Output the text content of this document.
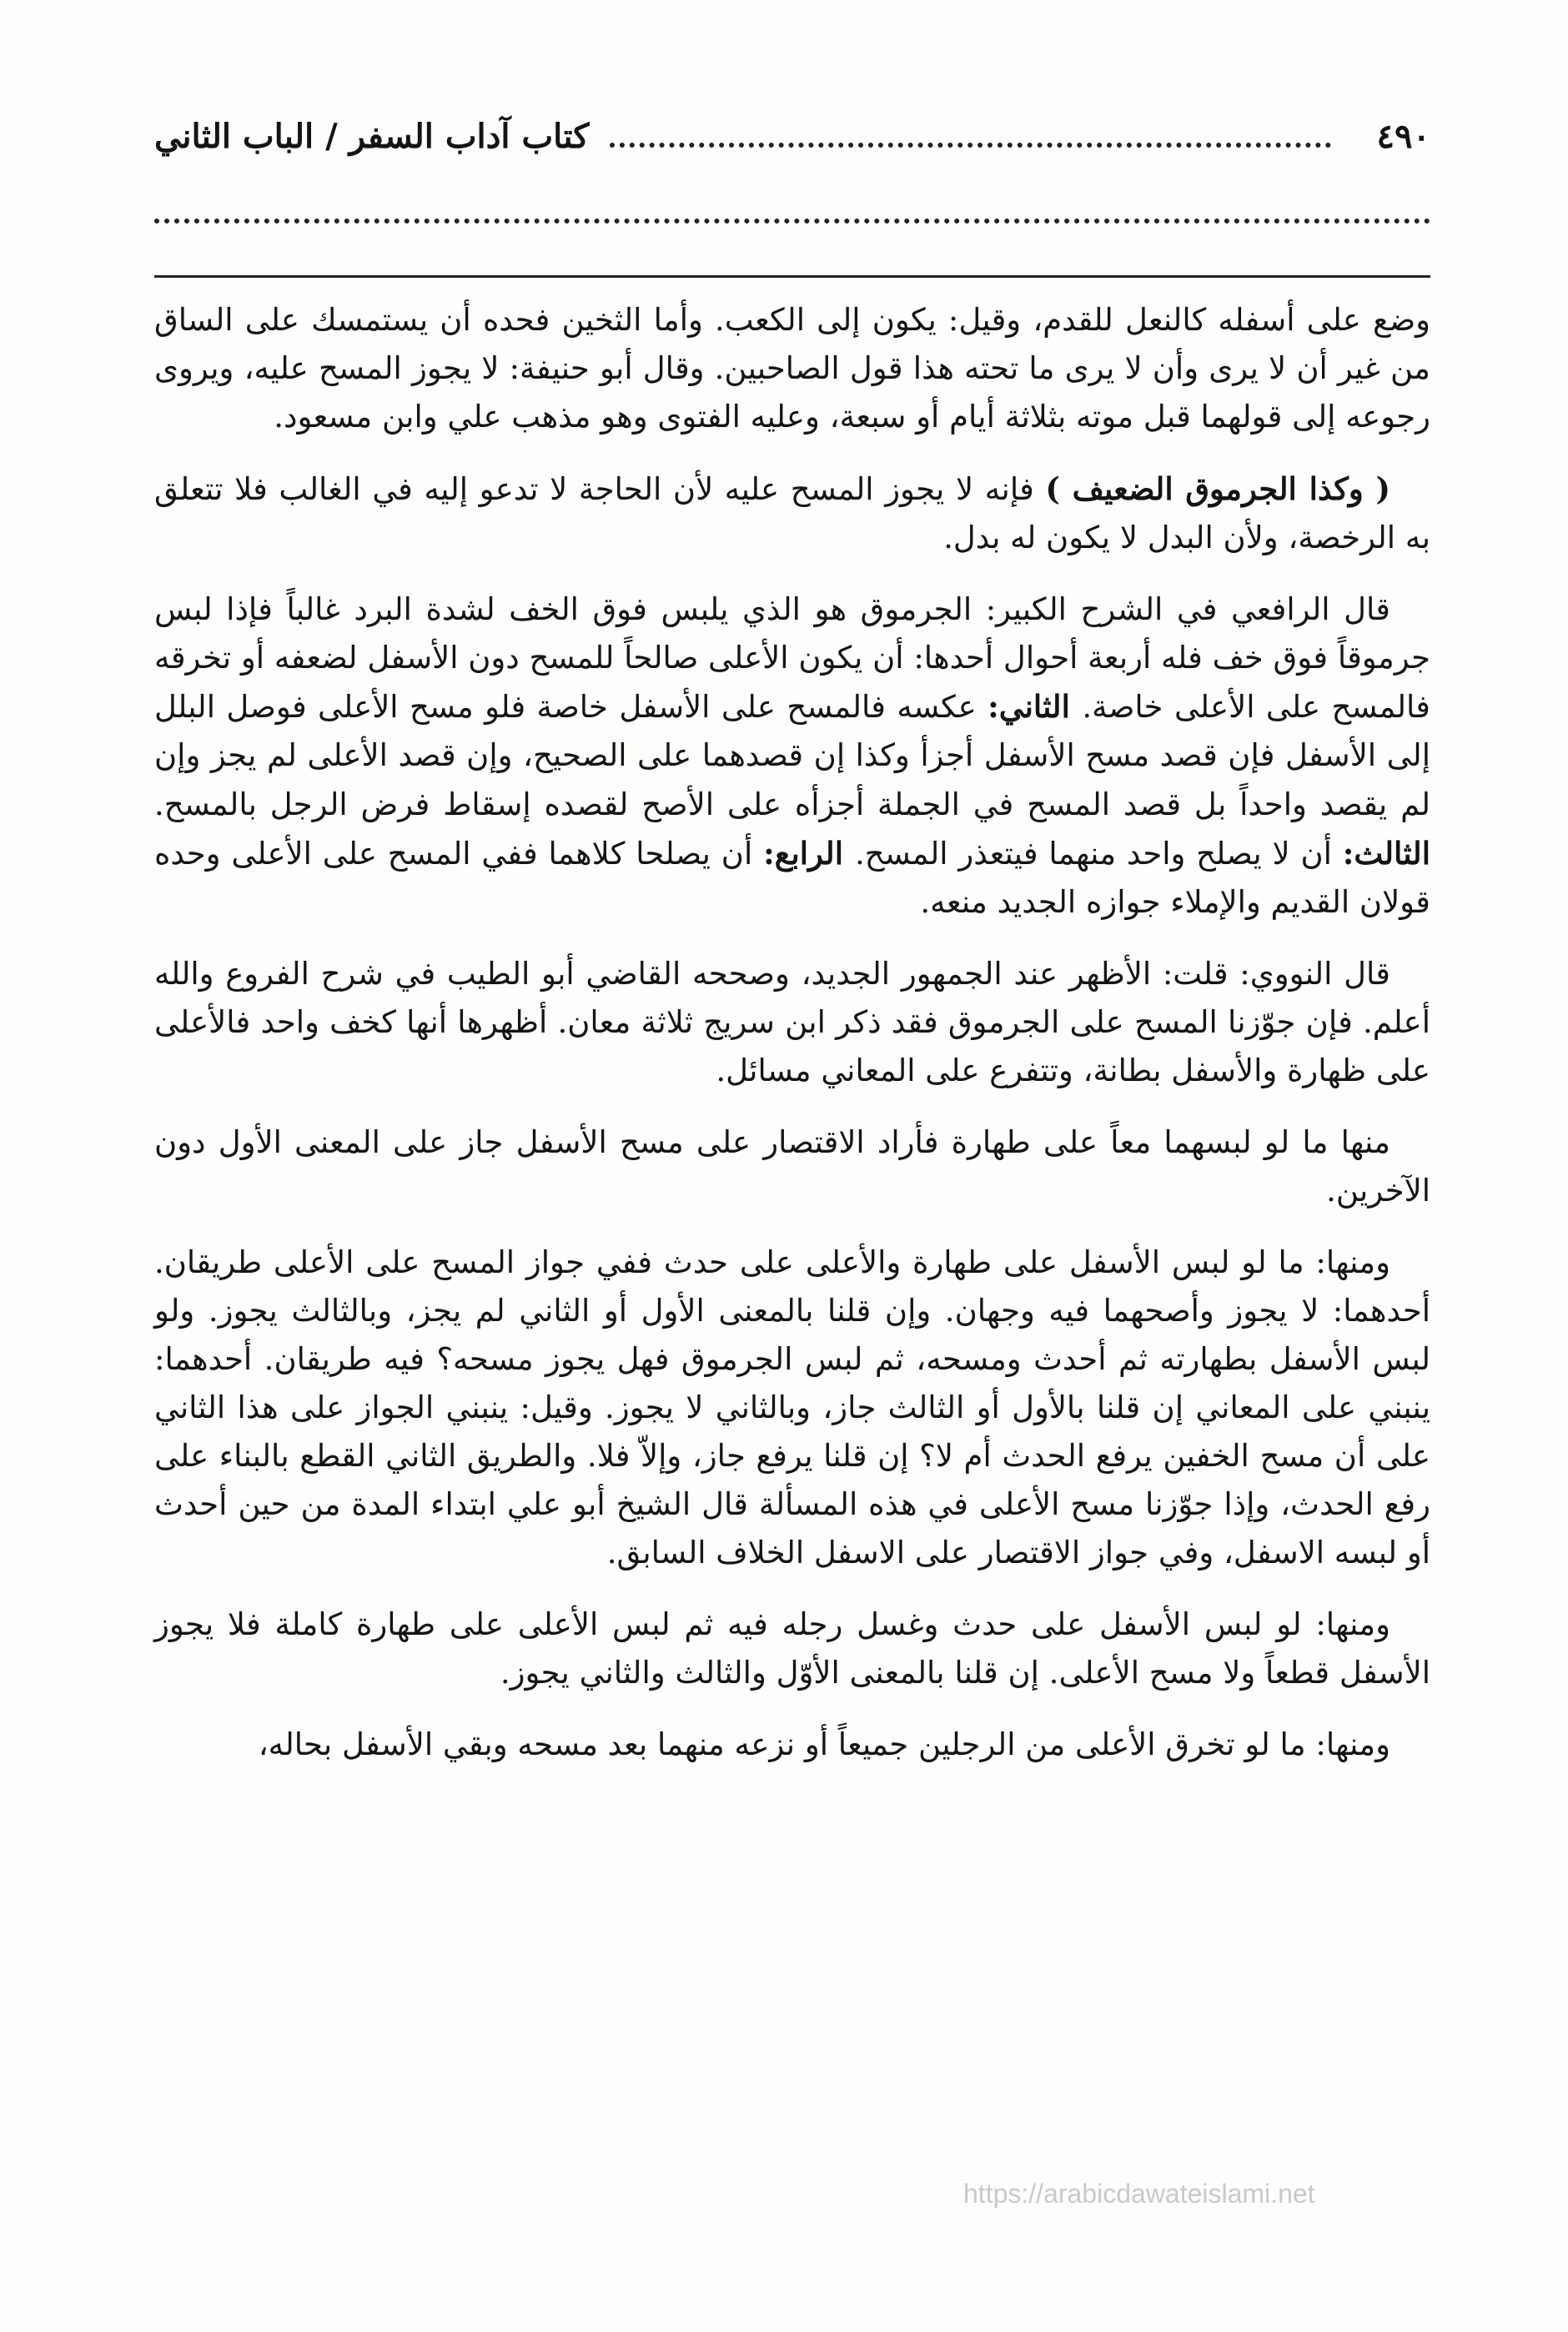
٤٩٠
كتاب آداب السفر / الباب الثاني

وضع على أسفله كالنعل للقدم، وقيل: يكون إلى الكعب. وأما الثخين فحده أن يستمسك على الساق من غير أن لا يرى وأن لا يرى ما تحته هذا قول الصاحبين. وقال أبو حنيفة: لا يجوز المسح عليه، ويروى رجوعه إلى قولهما قبل موته بثلاثة أيام أو سبعة، وعليه الفتوى وهو مذهب علي وابن مسعود.

( وكذا الجرموق الضعيف ) فإنه لا يجوز المسح عليه لأن الحاجة لا تدعو إليه في الغالب فلا تتعلق به الرخصة، ولأن البدل لا يكون له بدل.

قال الرافعي في الشرح الكبير: الجرموق هو الذي يلبس فوق الخف لشدة البرد غالباً فإذا لبس جرموقاً فوق خف فله أربعة أحوال أحدها: أن يكون الأعلى صالحاً للمسح دون الأسفل لضعفه أو تخرقه فالمسح على الأعلى خاصة. الثاني: عكسه فالمسح على الأسفل خاصة فلو مسح الأعلى فوصل البلل إلى الأسفل فإن قصد مسح الأسفل أجزأ وكذا إن قصدهما على الصحيح، وإن قصد الأعلى لم يجز وإن لم يقصد واحداً بل قصد المسح في الجملة أجزأه على الأصح لقصده إسقاط فرض الرجل بالمسح. الثالث: أن لا يصلح واحد منهما فيتعذر المسح. الرابع: أن يصلحا كلاهما ففي المسح على الأعلى وحده قولان القديم والإملاء جوازه الجديد منعه.

قال النووي: قلت: الأظهر عند الجمهور الجديد، وصححه القاضي أبو الطيب في شرح الفروع والله أعلم. فإن جوّزنا المسح على الجرموق فقد ذكر ابن سريج ثلاثة معان. أظهرها أنها كخف واحد فالأعلى على ظهارة والأسفل بطانة، وتتفرع على المعاني مسائل.

منها ما لو لبسهما معاً على طهارة فأراد الاقتصار على مسح الأسفل جاز على المعنى الأول دون الآخرين.

ومنها: ما لو لبس الأسفل على طهارة والأعلى على حدث ففي جواز المسح على الأعلى طريقان. أحدهما: لا يجوز وأصحهما فيه وجهان. وإن قلنا بالمعنى الأول أو الثاني لم يجز، وبالثالث يجوز. ولو لبس الأسفل بطهارته ثم أحدث ومسحه، ثم لبس الجرموق فهل يجوز مسحه؟ فيه طريقان. أحدهما: ينبني على المعاني إن قلنا بالأول أو الثالث جاز، وبالثاني لا يجوز. وقيل: ينبني الجواز على هذا الثاني على أن مسح الخفين يرفع الحدث أم لا؟ إن قلنا يرفع جاز، وإلاّ فلا. والطريق الثاني القطع بالبناء على رفع الحدث، وإذا جوّزنا مسح الأعلى في هذه المسألة قال الشيخ أبو علي ابتداء المدة من حين أحدث أو لبسه الاسفل، وفي جواز الاقتصار على الاسفل الخلاف السابق.

ومنها: لو لبس الأسفل على حدث وغسل رجله فيه ثم لبس الأعلى على طهارة كاملة فلا يجوز الأسفل قطعاً ولا مسح الأعلى. إن قلنا بالمعنى الأوّل والثالث والثاني يجوز.

ومنها: ما لو تخرق الأعلى من الرجلين جميعاً أو نزعه منهما بعد مسحه وبقي الأسفل بحاله،

https://arabicdawateislami.net
